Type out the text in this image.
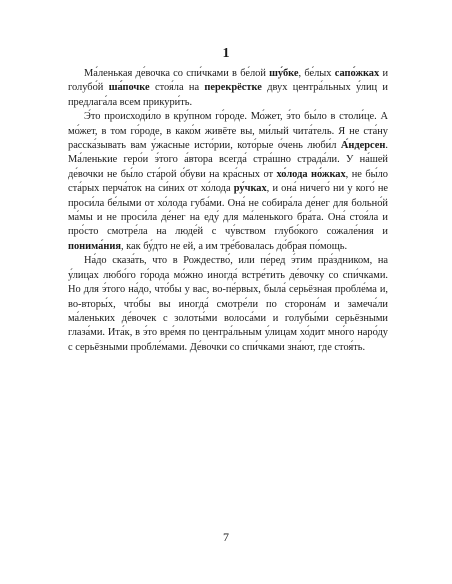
1

Ма́ленькая де́вочка со спи́чками в бе́лой шу́бке, бе́лых сапо́жках и голубо́й ша́почке стоя́ла на перекрёстке двух центра́льных у́лиц и предлага́ла всем прикури́ть.

Э́то происходи́ло в кру́пном го́роде. Мо́жет, э́то бы́ло в столи́це. А мо́жет, в том го́роде, в како́м живёте вы, ми́лый чита́тель. Я не ста́ну расска́зывать вам у́жасные исто́рии, кото́рые о́чень люби́л А́ндерсен. Ма́ленькие геро́и э́того а́втора всегда́ стра́шно страда́ли. У на́шей де́вочки не бы́ло ста́рой о́буви на кра́сных от хо́лода но́жках, не бы́ло ста́рых перча́ток на си́них от хо́лода ру́чках, и она́ ничего́ ни у кого́ не проси́ла бе́лыми от хо́лода губа́ми. Она́ не собира́ла де́нег для больно́й ма́мы и не проси́ла де́нег на еду́ для ма́ленького бра́та. Она́ стоя́ла и про́сто смотре́ла на люде́й с чу́вством глубо́кого сожале́ния и понима́ния, как бу́дто не ей, а им тре́бовалась до́брая по́мощь.

На́до сказа́ть, что в Рождество́, или пе́ред э́тим пра́здником, на у́лицах любо́го го́рода мо́жно иногда́ встре́тить де́вочку со спи́чками. Но для э́того на́до, что́бы у вас, во-пе́рвых, была́ серьёзная пробле́ма и, во-вторы́х, что́бы вы иногда́ смотре́ли по сторона́м и замеча́ли ма́леньких де́вочек с золоты́ми волоса́ми и голубы́ми серьёзными глаза́ми. Ита́к, в э́то вре́мя по центра́льным у́лицам хо́дит мно́го наро́ду с серьёзными пробле́мами. Де́вочки со спи́чками зна́ют, где стоя́ть.

7
